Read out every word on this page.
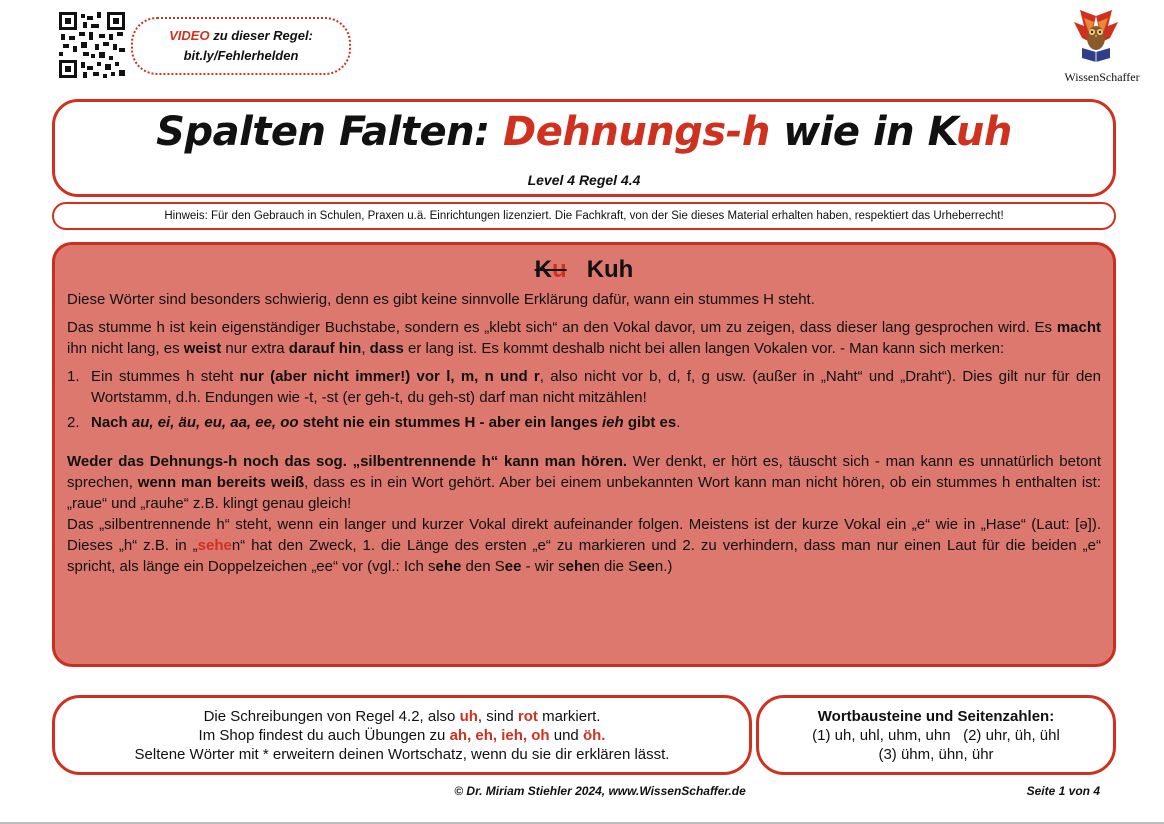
VIDEO zu dieser Regel:
bit.ly/Fehlerhelden
WissenSchaffer
Spalten Falten: Dehnungs-h wie in Kuh
Level 4 Regel 4.4
Hinweis: Für den Gebrauch in Schulen, Praxen u.ä. Einrichtungen lizenziert. Die Fachkraft, von der Sie dieses Material erhalten haben, respektiert das Urheberrecht!
Ku Kuh

Diese Wörter sind besonders schwierig, denn es gibt keine sinnvolle Erklärung dafür, wann ein stummes H steht.

Das stumme h ist kein eigenständiger Buchstabe, sondern es „klebt sich“ an den Vokal davor, um zu zeigen, dass dieser lang gesprochen wird. Es macht ihn nicht lang, es weist nur extra darauf hin, dass er lang ist. Es kommt deshalb nicht bei allen langen Vokalen vor. - Man kann sich merken:

1. Ein stummes h steht nur (aber nicht immer!) vor l, m, n und r, also nicht vor b, d, f, g usw. (außer in „Naht“ und „Draht“). Dies gilt nur für den Wortstamm, d.h. Endungen wie -t, -st (er geh-t, du geh-st) darf man nicht mitzählen!
2. Nach au, ei, äu, eu, aa, ee, oo steht nie ein stummes H - aber ein langes ieh gibt es.

Weder das Dehnungs-h noch das sog. „silbentrennende h“ kann man hören. Wer denkt, er hört es, täuscht sich - man kann es unnatürlich betont sprechen, wenn man bereits weiß, dass es in ein Wort gehört. Aber bei einem unbekannten Wort kann man nicht hören, ob ein stummes h enthalten ist: „raue“ und „rauhe“ z.B. klingt genau gleich!

Das „silbentrennende h“ steht, wenn ein langer und kurzer Vokal direkt aufeinander folgen. Meistens ist der kurze Vokal ein „e“ wie in „Hase“ (Laut: [ə]). Dieses „h“ z.B. in „sehen“ hat den Zweck, 1. die Länge des ersten „e“ zu markieren und 2. zu verhindern, dass man nur einen Laut für die beiden „e“ spricht, als länge ein Doppelzeichen „ee“ vor (vgl.: Ich sehe den See - wir sehen die Seen.)

Die Schreibungen von Regel 4.2, also uh, sind rot markiert.
Im Shop findest du auch Übungen zu ah, eh, ieh, oh und öh.
Seltene Wörter mit * erweitern deinen Wortschatz, wenn du sie dir erklären lässt.
Wortbausteine und Seitenzahlen:
(1) uh, uhl, uhm, uhn   (2) uhr, üh, ühl
(3) ühm, ühn, ühr
© Dr. Miriam Stiehler 2024, www.WissenSchaffer.de	Seite 1 von 4
